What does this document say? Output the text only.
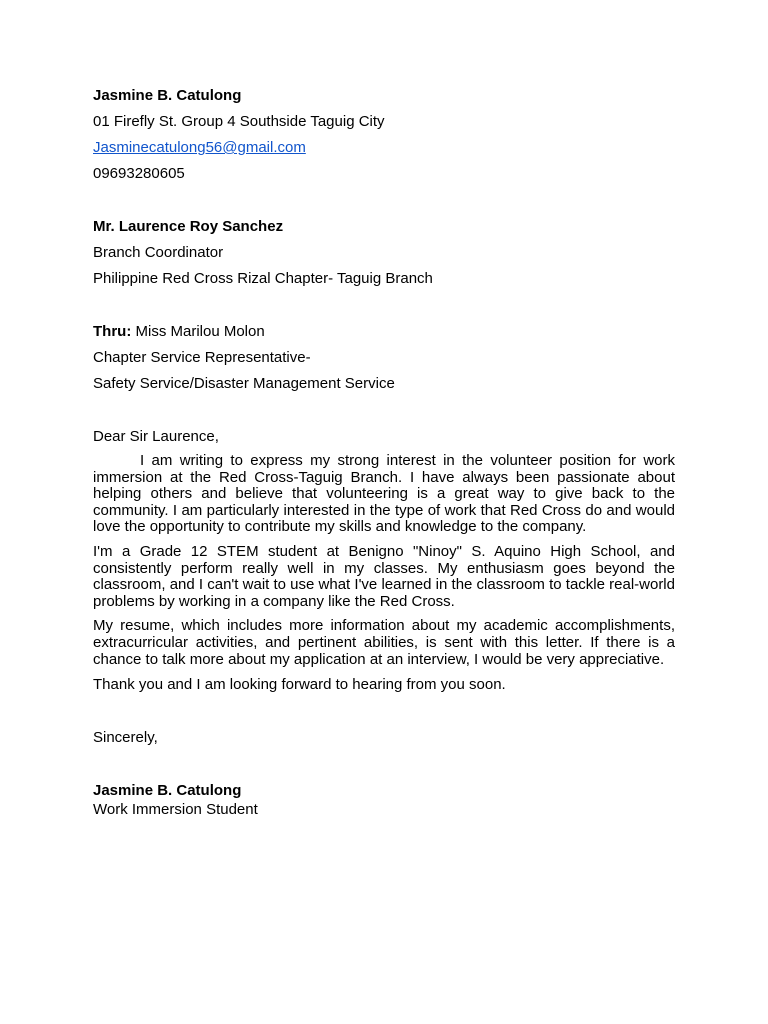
Jasmine B. Catulong

01 Firefly St. Group 4 Southside Taguig City

Jasminecatulong56@gmail.com

09693280605

Mr. Laurence Roy Sanchez

Branch Coordinator

Philippine Red Cross Rizal Chapter- Taguig Branch

Thru: Miss Marilou Molon

Chapter Service Representative-

Safety Service/Disaster Management Service

Dear Sir Laurence,

I am writing to express my strong interest in the volunteer position for work immersion at the Red Cross-Taguig Branch. I have always been passionate about helping others and believe that volunteering is a great way to give back to the community. I am particularly interested in the type of work that Red Cross do and would love the opportunity to contribute my skills and knowledge to the company.

I'm a Grade 12 STEM student at Benigno "Ninoy" S. Aquino High School, and consistently perform really well in my classes. My enthusiasm goes beyond the classroom, and I can't wait to use what I've learned in the classroom to tackle real-world problems by working in a company like the Red Cross.

My resume, which includes more information about my academic accomplishments, extracurricular activities, and pertinent abilities, is sent with this letter. If there is a chance to talk more about my application at an interview, I would be very appreciative.

Thank you and I am looking forward to hearing from you soon.

Sincerely,

Jasmine B. Catulong

Work Immersion Student
